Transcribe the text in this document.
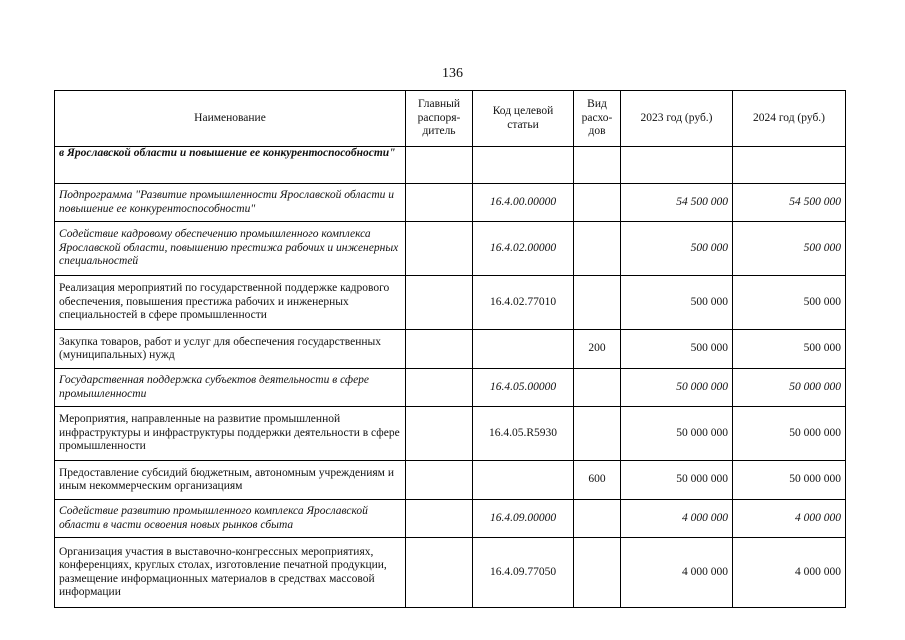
136
Наименование	Главный распоря-дитель	Код целевой статьи	Вид расхо-дов	2023 год (руб.)	2024 год (руб.)
в Ярославской области и повышение ее конкурентоспособности"					
Подпрограмма "Развитие промышленности Ярославской области и повышение ее конкурентоспособности"		16.4.00.00000		54 500 000	54 500 000
Содействие кадровому обеспечению промышленного комплекса Ярославской области, повышению престижа рабочих и инженерных специальностей		16.4.02.00000		500 000	500 000
Реализация мероприятий по государственной поддержке кадрового обеспечения, повышения престижа рабочих и инженерных специальностей в сфере промышленности		16.4.02.77010		500 000	500 000
Закупка товаров, работ и услуг для обеспечения государственных (муниципальных) нужд			200	500 000	500 000
Государственная поддержка субъектов деятельности в сфере промышленности		16.4.05.00000		50 000 000	50 000 000
Мероприятия, направленные на развитие промышленной инфраструктуры и инфраструктуры поддержки деятельности в сфере промышленности		16.4.05.R5930		50 000 000	50 000 000
Предоставление субсидий бюджетным, автономным учреждениям и иным некоммерческим организациям			600	50 000 000	50 000 000
Содействие развитию промышленного комплекса Ярославской области в части освоения новых рынков сбыта		16.4.09.00000		4 000 000	4 000 000
Организация участия в выставочно-конгрессных мероприятиях, конференциях, круглых столах, изготовление печатной продукции, размещение информационных материалов в средствах массовой информации		16.4.09.77050		4 000 000	4 000 000
